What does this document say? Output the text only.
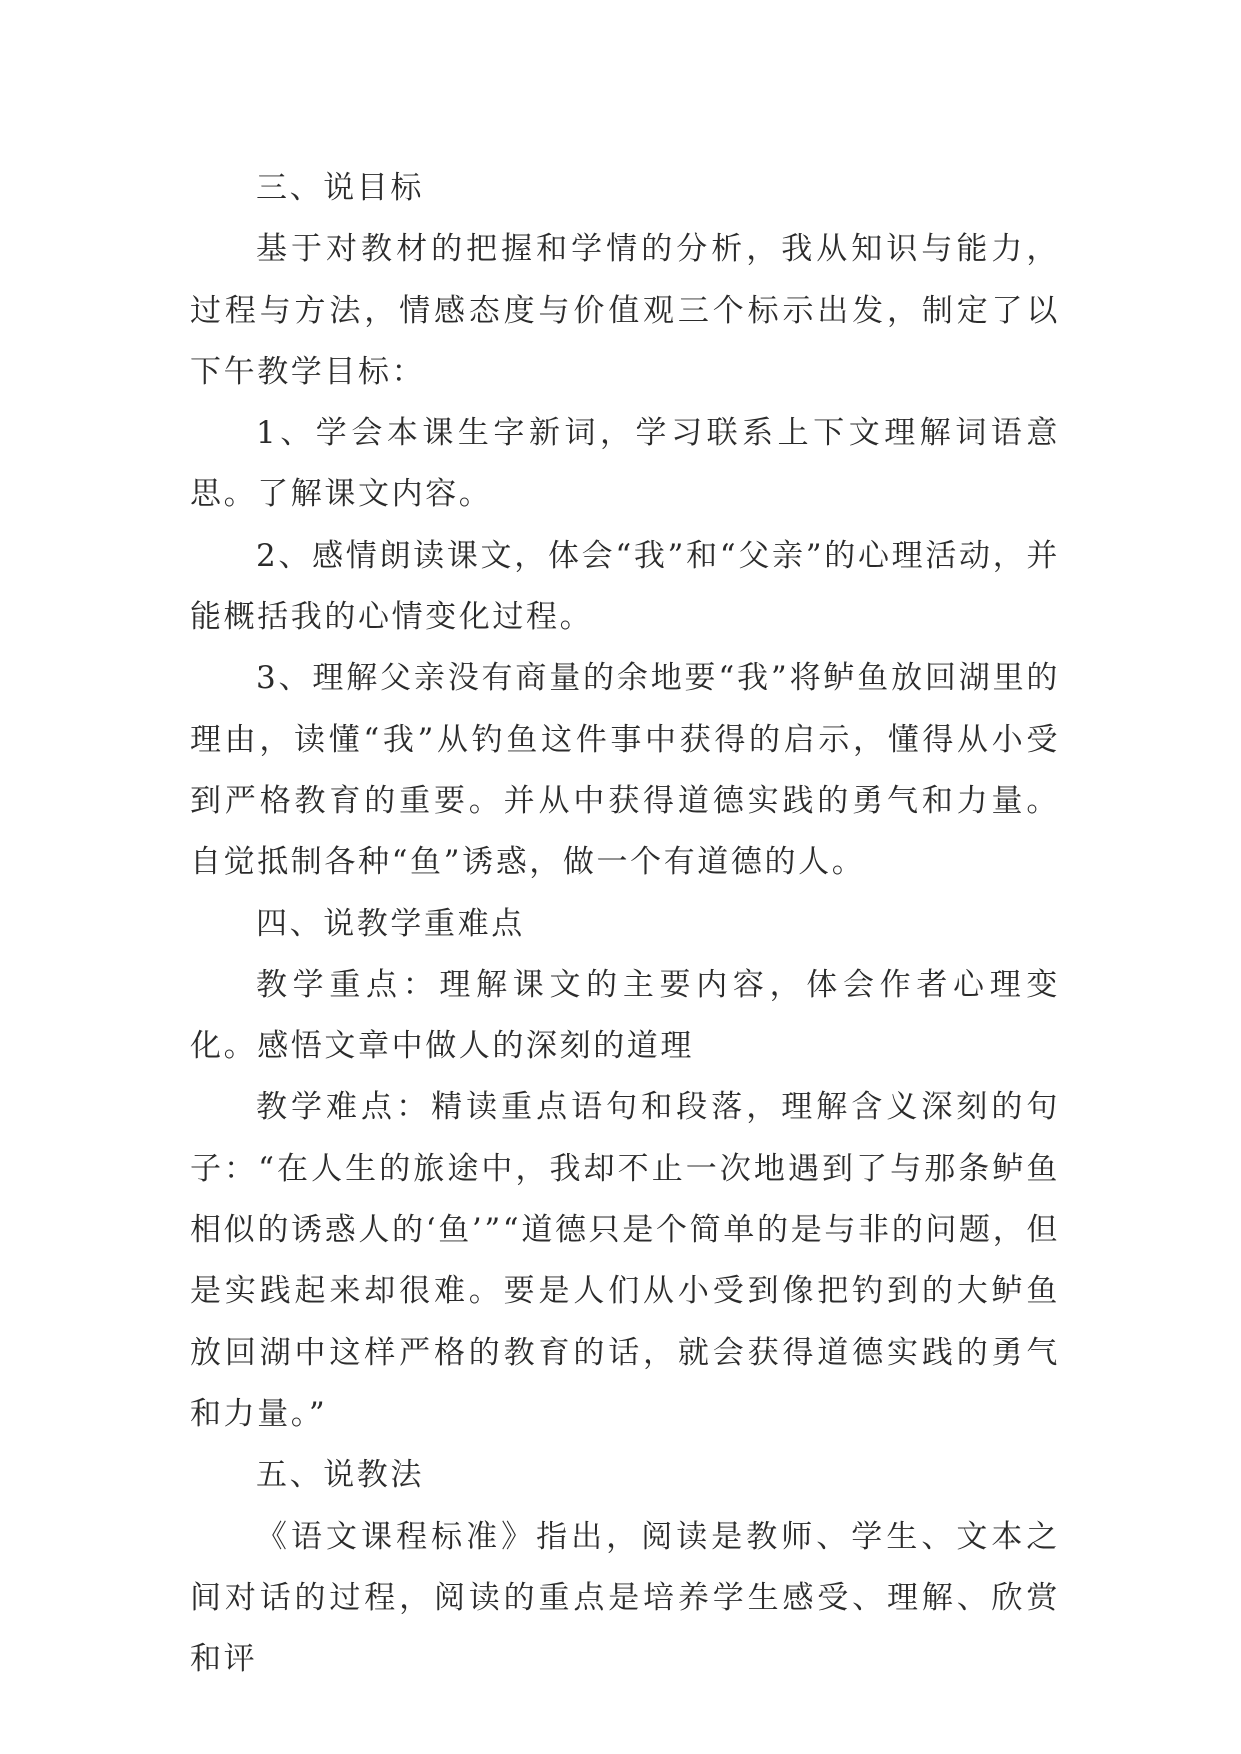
三、说目标

基于对教材的把握和学情的分析，我从知识与能力，过程与方法，情感态度与价值观三个标示出发，制定了以下午教学目标：

1、学会本课生字新词，学习联系上下文理解词语意思。了解课文内容。

2、感情朗读课文，体会“我”和“父亲”的心理活动，并能概括我的心情变化过程。

3、理解父亲没有商量的余地要“我”将鲈鱼放回湖里的理由，读懂“我”从钓鱼这件事中获得的启示，懂得从小受到严格教育的重要。并从中获得道德实践的勇气和力量。自觉抵制各种“鱼”诱惑，做一个有道德的人。

四、说教学重难点

教学重点：理解课文的主要内容，体会作者心理变化。感悟文章中做人的深刻的道理

教学难点：精读重点语句和段落，理解含义深刻的句子：“在人生的旅途中，我却不止一次地遇到了与那条鲈鱼相似的诱惑人的‘鱼’”“道德只是个简单的是与非的问题，但是实践起来却很难。要是人们从小受到像把钓到的大鲈鱼放回湖中这样严格的教育的话，就会获得道德实践的勇气和力量。”

五、说教法

《语文课程标准》指出，阅读是教师、学生、文本之间对话的过程，阅读的重点是培养学生感受、理解、欣赏和评
